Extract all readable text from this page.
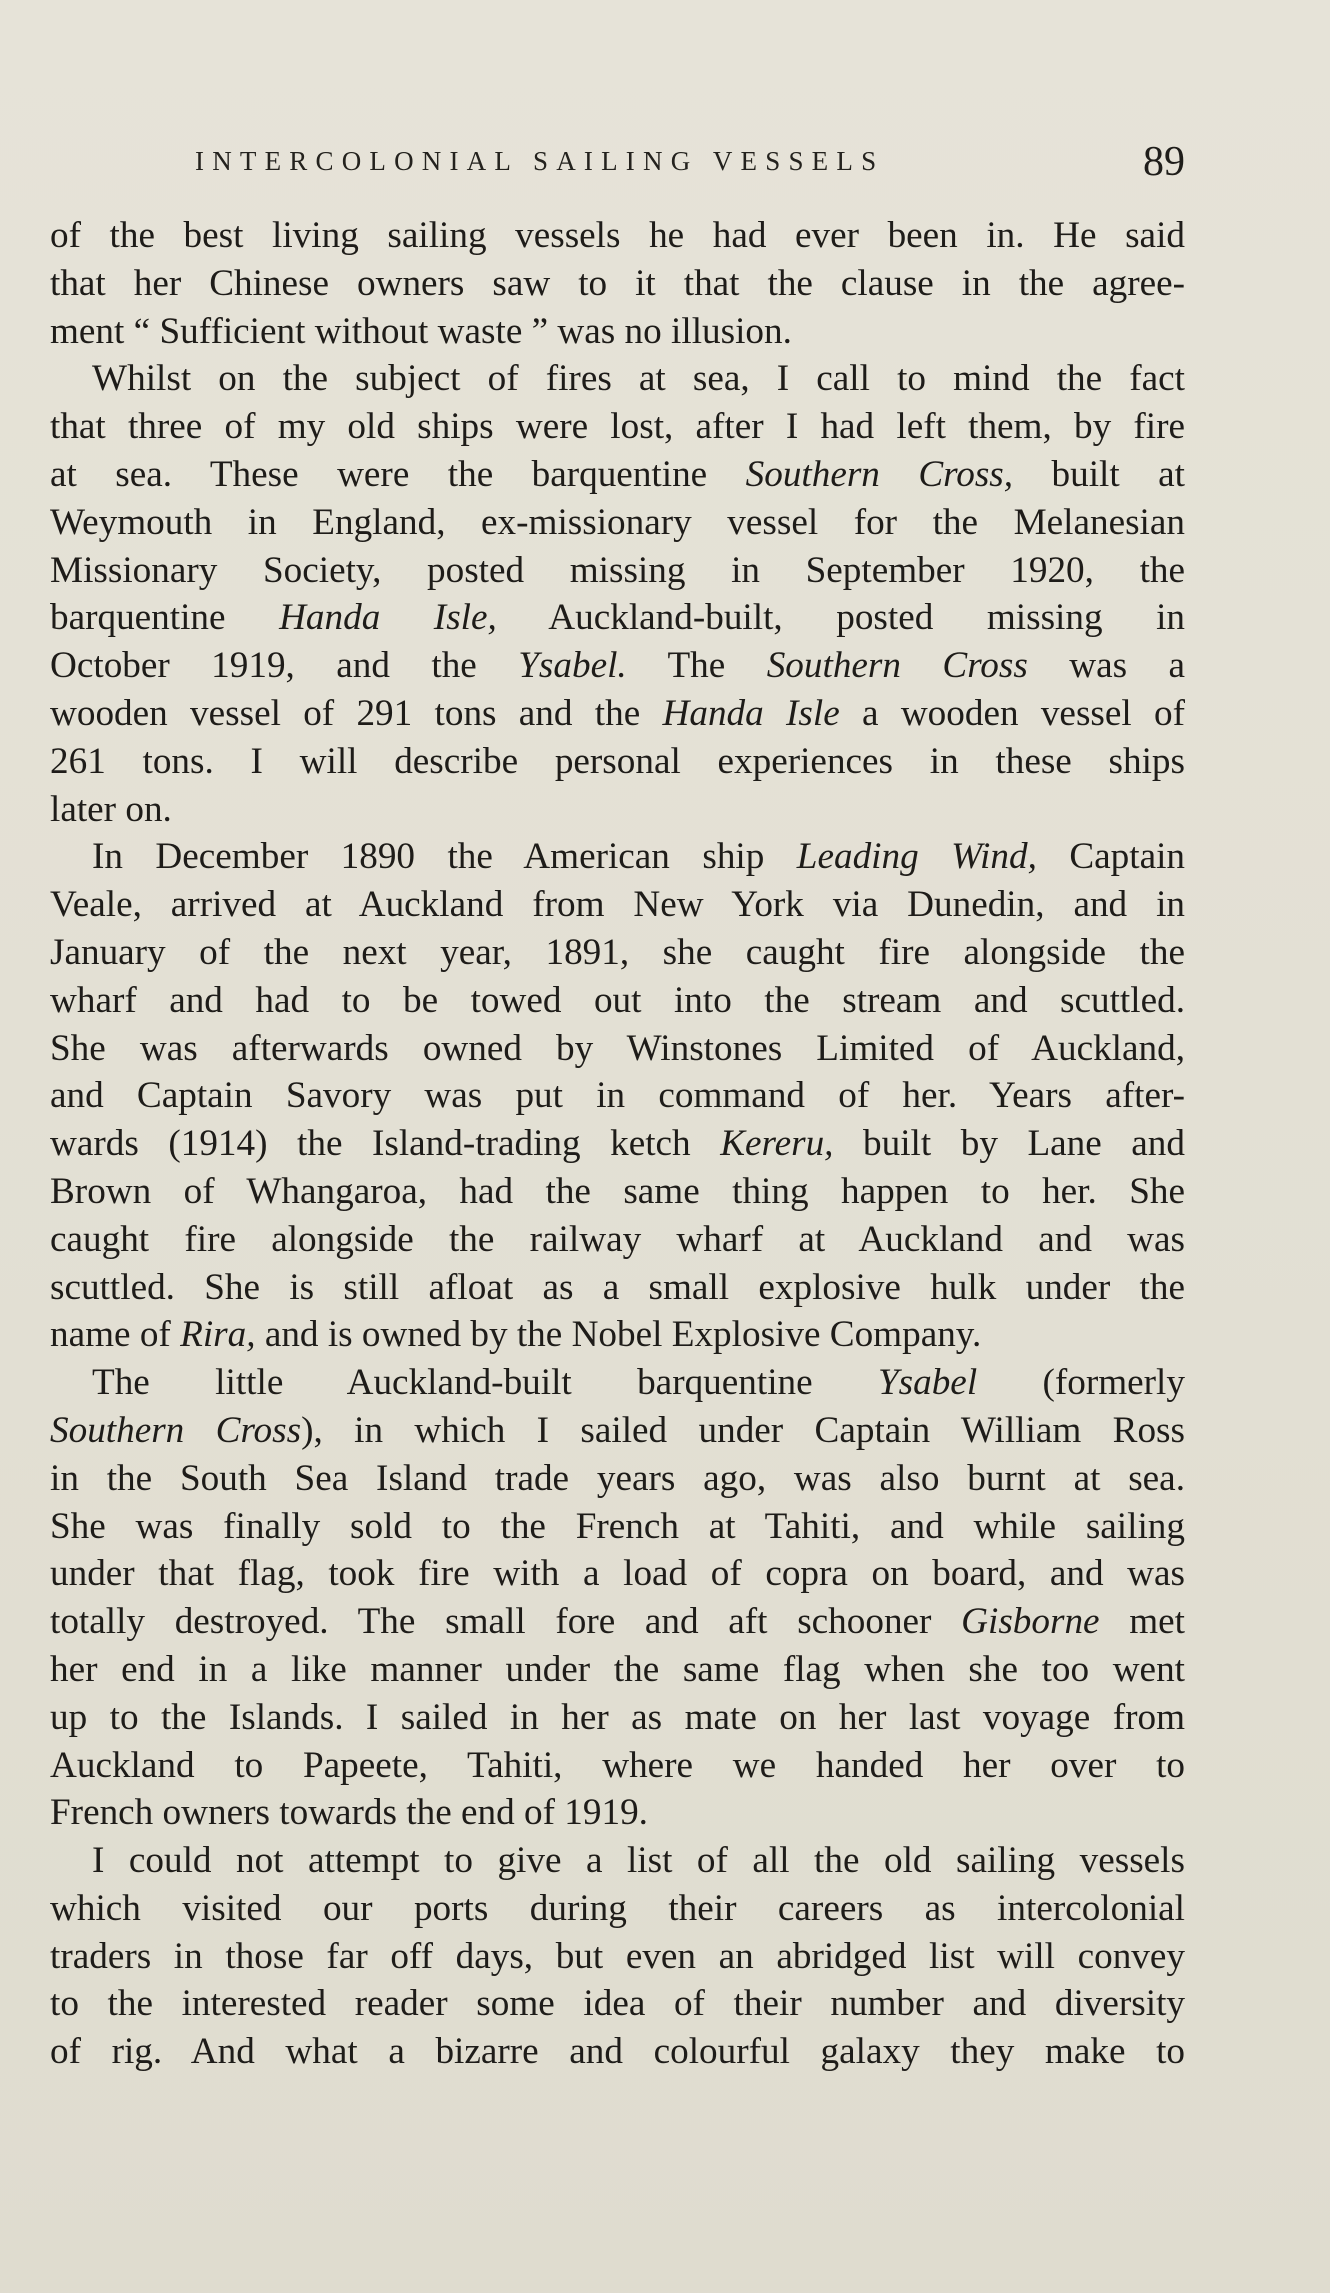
INTERCOLONIAL SAILING VESSELS	89
of the best living sailing vessels he had ever been in. He said
that her Chinese owners saw to it that the clause in the agree-
ment “ Sufficient without waste ” was no illusion.
Whilst on the subject of fires at sea, I call to mind the fact
that three of my old ships were lost, after I had left them, by fire
at sea. These were the barquentine Southern Cross, built at
Weymouth in England, ex-missionary vessel for the Melanesian
Missionary Society, posted missing in September 1920, the
barquentine Handa Isle, Auckland-built, posted missing in
October 1919, and the Ysabel. The Southern Cross was a
wooden vessel of 291 tons and the Handa Isle a wooden vessel of
261 tons. I will describe personal experiences in these ships
later on.
In December 1890 the American ship Leading Wind, Captain
Veale, arrived at Auckland from New York via Dunedin, and in
January of the next year, 1891, she caught fire alongside the
wharf and had to be towed out into the stream and scuttled.
She was afterwards owned by Winstones Limited of Auckland,
and Captain Savory was put in command of her. Years after-
wards (1914) the Island-trading ketch Kereru, built by Lane and
Brown of Whangaroa, had the same thing happen to her. She
caught fire alongside the railway wharf at Auckland and was
scuttled. She is still afloat as a small explosive hulk under the
name of Rira, and is owned by the Nobel Explosive Company.
The little Auckland-built barquentine Ysabel (formerly
Southern Cross), in which I sailed under Captain William Ross
in the South Sea Island trade years ago, was also burnt at sea.
She was finally sold to the French at Tahiti, and while sailing
under that flag, took fire with a load of copra on board, and was
totally destroyed. The small fore and aft schooner Gisborne met
her end in a like manner under the same flag when she too went
up to the Islands. I sailed in her as mate on her last voyage from
Auckland to Papeete, Tahiti, where we handed her over to
French owners towards the end of 1919.
I could not attempt to give a list of all the old sailing vessels
which visited our ports during their careers as intercolonial
traders in those far off days, but even an abridged list will convey
to the interested reader some idea of their number and diversity
of rig. And what a bizarre and colourful galaxy they make to
